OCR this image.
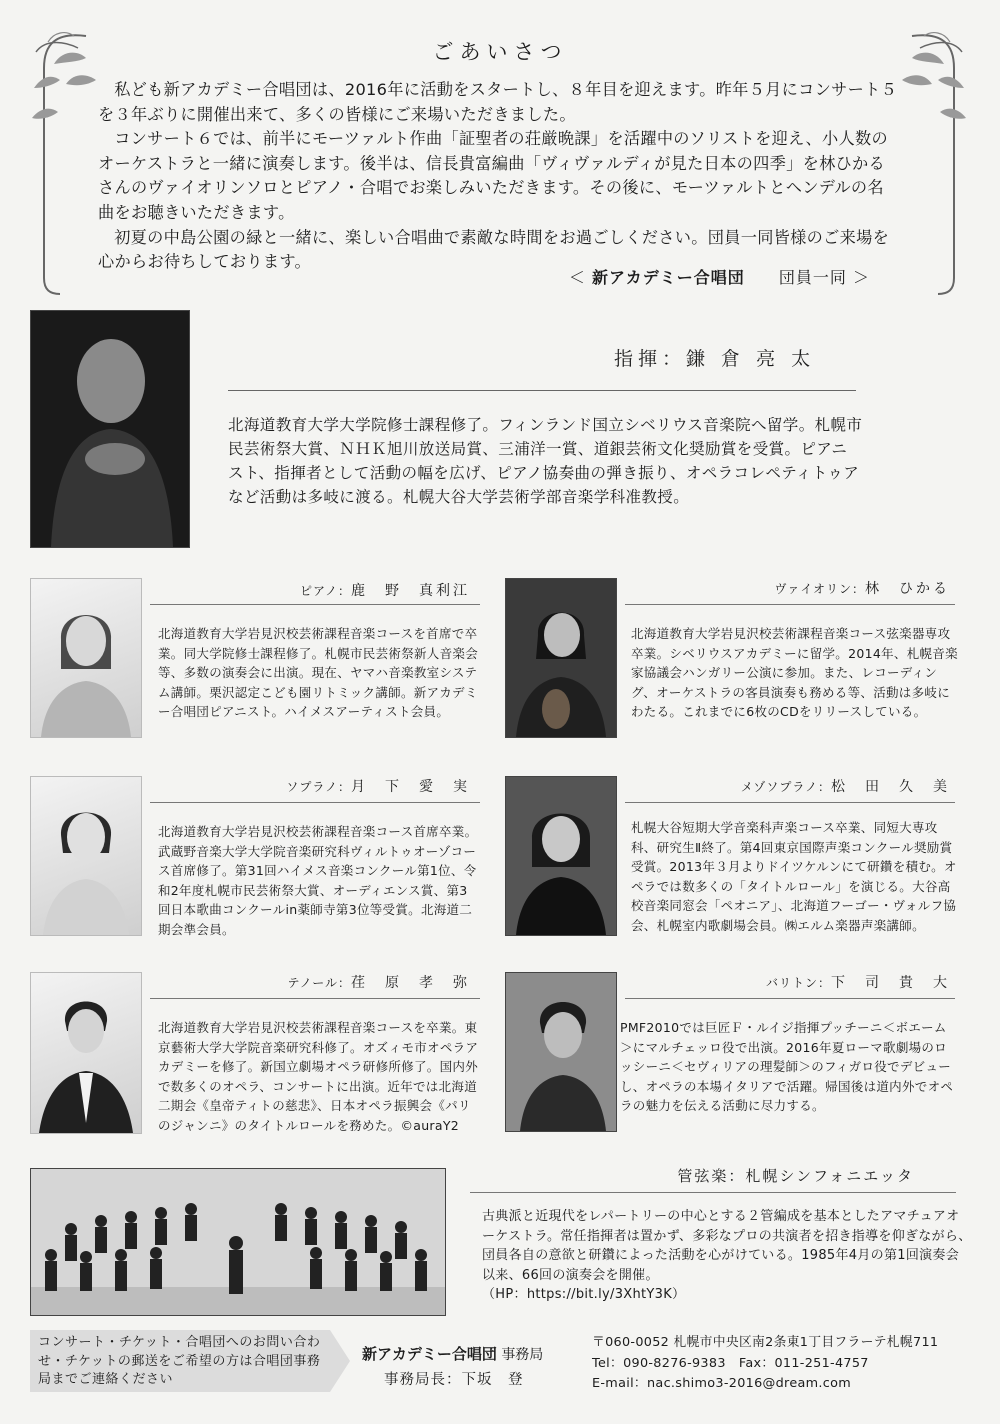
ごあいさつ

私ども新アカデミー合唱団は、2016年に活動をスタートし、８年目を迎えます。昨年５月にコンサート５を３年ぶりに開催出来て、多くの皆様にご来場いただきました。

コンサート６では、前半にモーツァルト作曲「証聖者の荘厳晩課」を活躍中のソリストを迎え、小人数のオーケストラと一緒に演奏します。後半は、信長貴富編曲「ヴィヴァルディが見た日本の四季」を林ひかるさんのヴァイオリンソロとピアノ・合唱でお楽しみいただきます。その後に、モーツァルトとヘンデルの名曲をお聴きいただきます。

初夏の中島公園の緑と一緒に、楽しい合唱曲で素敵な時間をお過ごしください。団員一同皆様のご来場を心からお待ちしております。

＜ 新アカデミー合唱団 団員一同 ＞
指揮：鎌 倉 亮 太
北海道教育大学大学院修士課程修了。フィンランド国立シベリウス音楽院へ留学。札幌市民芸術祭大賞、ＮＨＫ旭川放送局賞、三浦洋一賞、道銀芸術文化奨励賞を受賞。ピアニスト、指揮者として活動の幅を広げ、ピアノ協奏曲の弾き振り、オペラコレペティトゥアなど活動は多岐に渡る。札幌大谷大学芸術学部音楽学科准教授。
ピアノ：鹿　野　真利江
北海道教育大学岩見沢校芸術課程音楽コースを首席で卒業。同大学院修士課程修了。札幌市民芸術祭新人音楽会等、多数の演奏会に出演。現在、ヤマハ音楽教室システム講師。栗沢認定こども園リトミック講師。新アカデミー合唱団ピアニスト。ハイメスアーティスト会員。
ヴァイオリン：林　ひかる
北海道教育大学岩見沢校芸術課程音楽コース弦楽器専攻卒業。シベリウスアカデミーに留学。2014年、札幌音楽家協議会ハンガリー公演に参加。また、レコーディング、オーケストラの客員演奏も務める等、活動は多岐にわたる。これまでに6枚のCDをリリースしている。
ソプラノ：月　下　愛　実
北海道教育大学岩見沢校芸術課程音楽コース首席卒業。武蔵野音楽大学大学院音楽研究科ヴィルトゥオーゾコース首席修了。第31回ハイメス音楽コンクール第1位、令和2年度札幌市民芸術祭大賞、オーディエンス賞、第3回日本歌曲コンクールin薬師寺第3位等受賞。北海道二期会準会員。
メゾソプラノ：松　田　久　美
札幌大谷短期大学音楽科声楽コース卒業、同短大専攻科、研究生Ⅱ終了。第4回東京国際声楽コンクール奨励賞受賞。2013年３月よりドイツケルンにて研鑽を積む。オペラでは数多くの「タイトルロール」を演じる。大谷高校音楽同窓会「ペオニア」、北海道フーゴー・ヴォルフ協会、札幌室内歌劇場会員。㈱エルム楽器声楽講師。
テノール：荏　原　孝　弥
北海道教育大学岩見沢校芸術課程音楽コースを卒業。東京藝術大学大学院音楽研究科修了。オズィモ市オペラアカデミーを修了。新国立劇場オペラ研修所修了。国内外で数多くのオペラ、コンサートに出演。近年では北海道二期会《皇帝ティトの慈悲》、日本オペラ振興会《パリのジャンニ》のタイトルロールを務めた。©auraY2
バリトン：下　司　貴　大
PMF2010では巨匠Ｆ・ルイジ指揮プッチーニ＜ボエーム＞にマルチェッロ役で出演。2016年夏ローマ歌劇場のロッシーニ＜セヴィリアの理髪師＞のフィガロ役でデビューし、オペラの本場イタリアで活躍。帰国後は道内外でオペラの魅力を伝える活動に尽力する。
管弦楽：札幌シンフォニエッタ
古典派と近現代をレパートリーの中心とする２管編成を基本としたアマチュアオーケストラ。常任指揮者は置かず、多彩なプロの共演者を招き指導を仰ぎながら、団員各自の意欲と研鑽によった活動を心がけている。1985年4月の第1回演奏会以来、66回の演奏会を開催。
（HP：https://bit.ly/3XhtY3K）
コンサート・チケット・合唱団へのお問い合わせ・チケットの郵送をご希望の方は合唱団事務局までご連絡ください
新アカデミー合唱団 事務局
事務局長：下坂　登
〒060-0052 札幌市中央区南2条東1丁目フラーテ札幌711
Tel：090-8276-9383　Fax：011-251-4757
E-mail：nac.shimo3-2016@dream.com
